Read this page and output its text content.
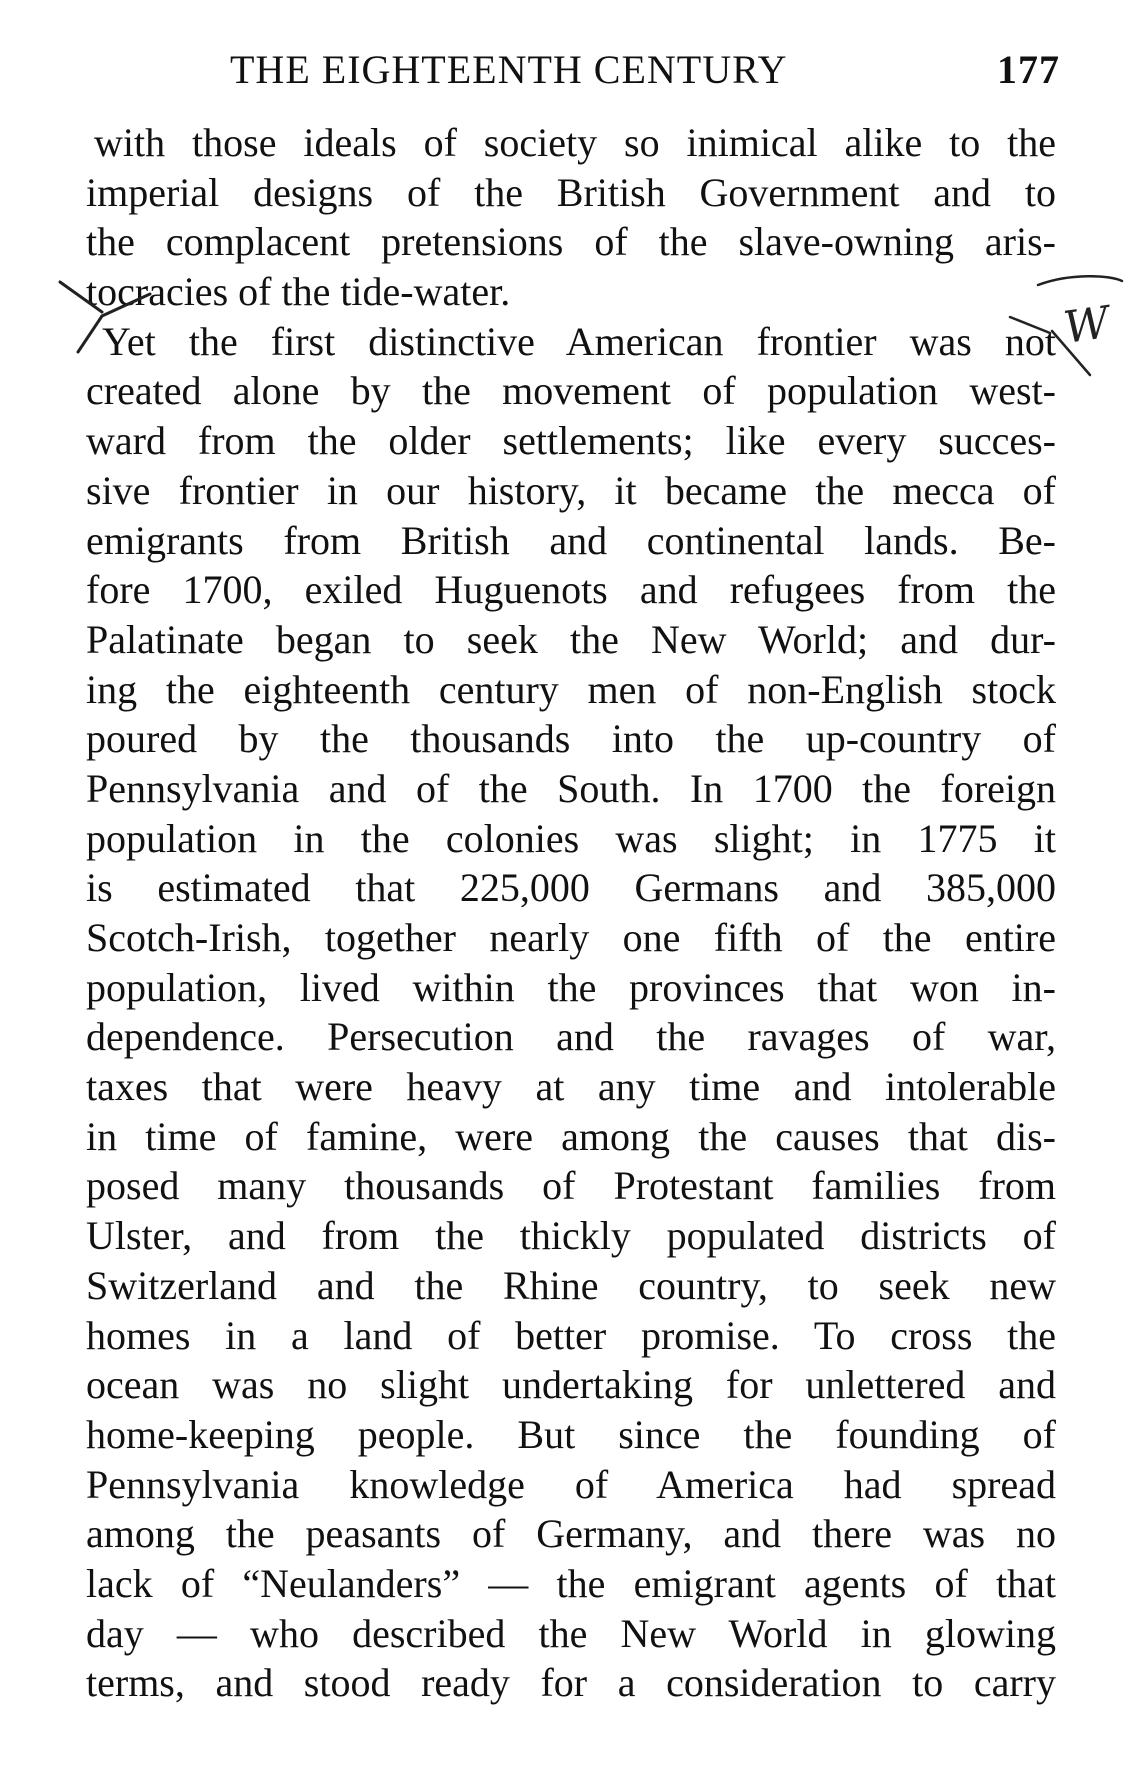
THE EIGHTEENTH CENTURY	177
with those ideals of society so inimical alike to the
imperial designs of the British Government and to
the complacent pretensions of the slave-owning aris-
tocracies of the tide-water.
Yet the first distinctive American frontier was not
created alone by the movement of population west-
ward from the older settlements; like every succes-
sive frontier in our history, it became the mecca of
emigrants from British and continental lands. Be-
fore 1700, exiled Huguenots and refugees from the
Palatinate began to seek the New World; and dur-
ing the eighteenth century men of non-English stock
poured by the thousands into the up-country of
Pennsylvania and of the South. In 1700 the foreign
population in the colonies was slight; in 1775 it
is estimated that 225,000 Germans and 385,000
Scotch-Irish, together nearly one fifth of the entire
population, lived within the provinces that won in-
dependence. Persecution and the ravages of war,
taxes that were heavy at any time and intolerable
in time of famine, were among the causes that dis-
posed many thousands of Protestant families from
Ulster, and from the thickly populated districts of
Switzerland and the Rhine country, to seek new
homes in a land of better promise. To cross the
ocean was no slight undertaking for unlettered and
home-keeping people. But since the founding of
Pennsylvania knowledge of America had spread
among the peasants of Germany, and there was no
lack of “Neulanders” — the emigrant agents of that
day — who described the New World in glowing
terms, and stood ready for a consideration to carry
W
